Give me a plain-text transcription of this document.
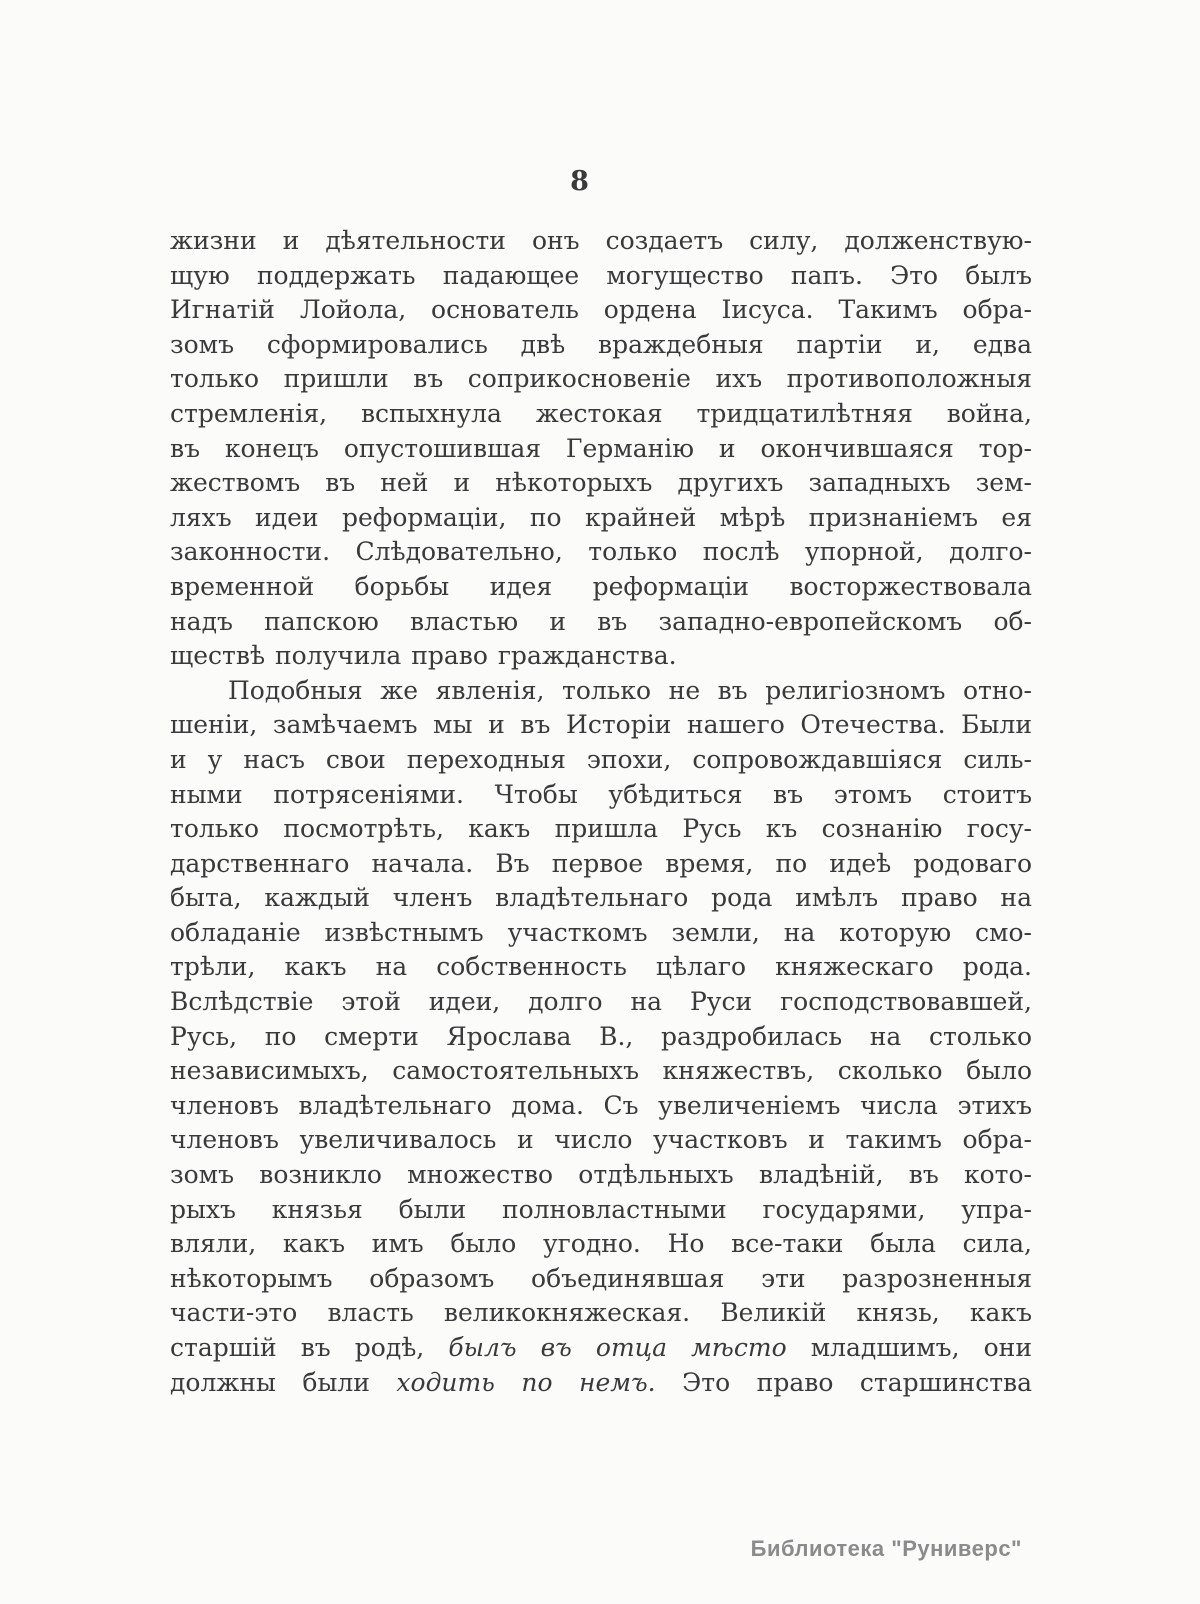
8
жизни и дѣятельности онъ создаетъ силу, долженствую-
щую поддержать падающее могущество папъ. Это былъ
Игнатій Лойола, основатель ордена Іисуса. Такимъ обра-
зомъ сформировались двѣ враждебныя партіи и, едва
только пришли въ соприкосновеніе ихъ противоположныя
стремленія, вспыхнула жестокая тридцатилѣтняя война,
въ конецъ опустошившая Германію и окончившаяся тор-
жествомъ въ ней и нѣкоторыхъ другихъ западныхъ зем-
ляхъ идеи реформаціи, по крайней мѣрѣ признаніемъ ея
законности. Слѣдовательно, только послѣ упорной, долго-
временной борьбы идея реформаціи восторжествовала
надъ папскою властью и въ западно-европейскомъ об-
ществѣ получила право гражданства.
Подобныя же явленія, только не въ религіозномъ отно-
шеніи, замѣчаемъ мы и въ Исторіи нашего Отечества. Были
и у насъ свои переходныя эпохи, сопровождавшіяся силь-
ными потрясеніями. Чтобы убѣдиться въ этомъ стоитъ
только посмотрѣть, какъ пришла Русь къ сознанію госу-
дарственнаго начала. Въ первое время, по идеѣ родоваго
быта, каждый членъ владѣтельнаго рода имѣлъ право на
обладаніе извѣстнымъ участкомъ земли, на которую смо-
трѣли, какъ на собственность цѣлаго княжескаго рода.
Вслѣдствіе этой идеи, долго на Руси господствовавшей,
Русь, по смерти Ярослава В., раздробилась на столько
независимыхъ, самостоятельныхъ княжествъ, сколько было
членовъ владѣтельнаго дома. Съ увеличеніемъ числа этихъ
членовъ увеличивалось и число участковъ и такимъ обра-
зомъ возникло множество отдѣльныхъ владѣній, въ кото-
рыхъ князья были полновластными государями, упра-
вляли, какъ имъ было угодно. Но все-таки была сила,
нѣкоторымъ образомъ объединявшая эти разрозненныя
части-это власть великокняжеская. Великій князь, какъ
старшій въ родѣ, былъ въ отца мѣсто младшимъ, они
должны были ходить по немъ. Это право старшинства
Библиотека "Руниверс"
